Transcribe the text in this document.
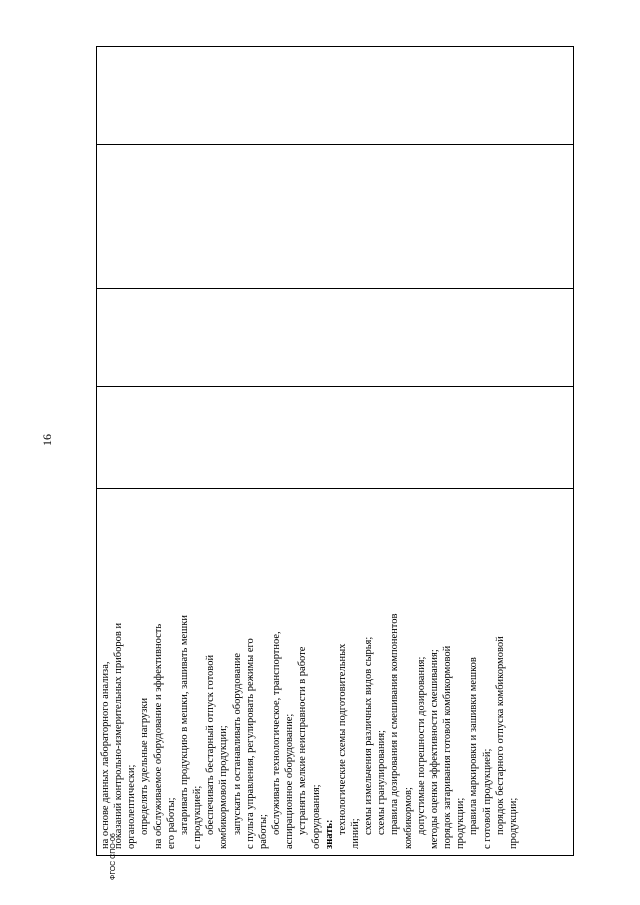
16
на основе данных лабораторного анализа, показаний контрольно-измерительных приборов и органолептически; определять удельные нагрузки на обслуживаемое оборудование и эффективность его работы; затаривать продукцию в мешки, зашивать мешки с продукцией; обеспечивать бестарный отпуск готовой комбикормовой продукции; запускать и останавливать оборудование с пульта управления, регулировать режимы его работы; обслуживать технологическое, транспортное, аспирационное оборудование; устранять мелкие неисправности в работе оборудования; знать: технологические схемы подготовительных линий; схемы измельчения различных видов сырья; схемы гранулирования; правила дозирования и смешивания компонентов комбикормов; допустимые погрешности дозирования; методы оценки эффективности смешивания; порядок затаривания готовой комбикормовой продукции; правила маркировки и зашивки мешков с готовой продукцией; порядок бестарного отпуска комбикормовой продукции;
ФГОС СПО-06
